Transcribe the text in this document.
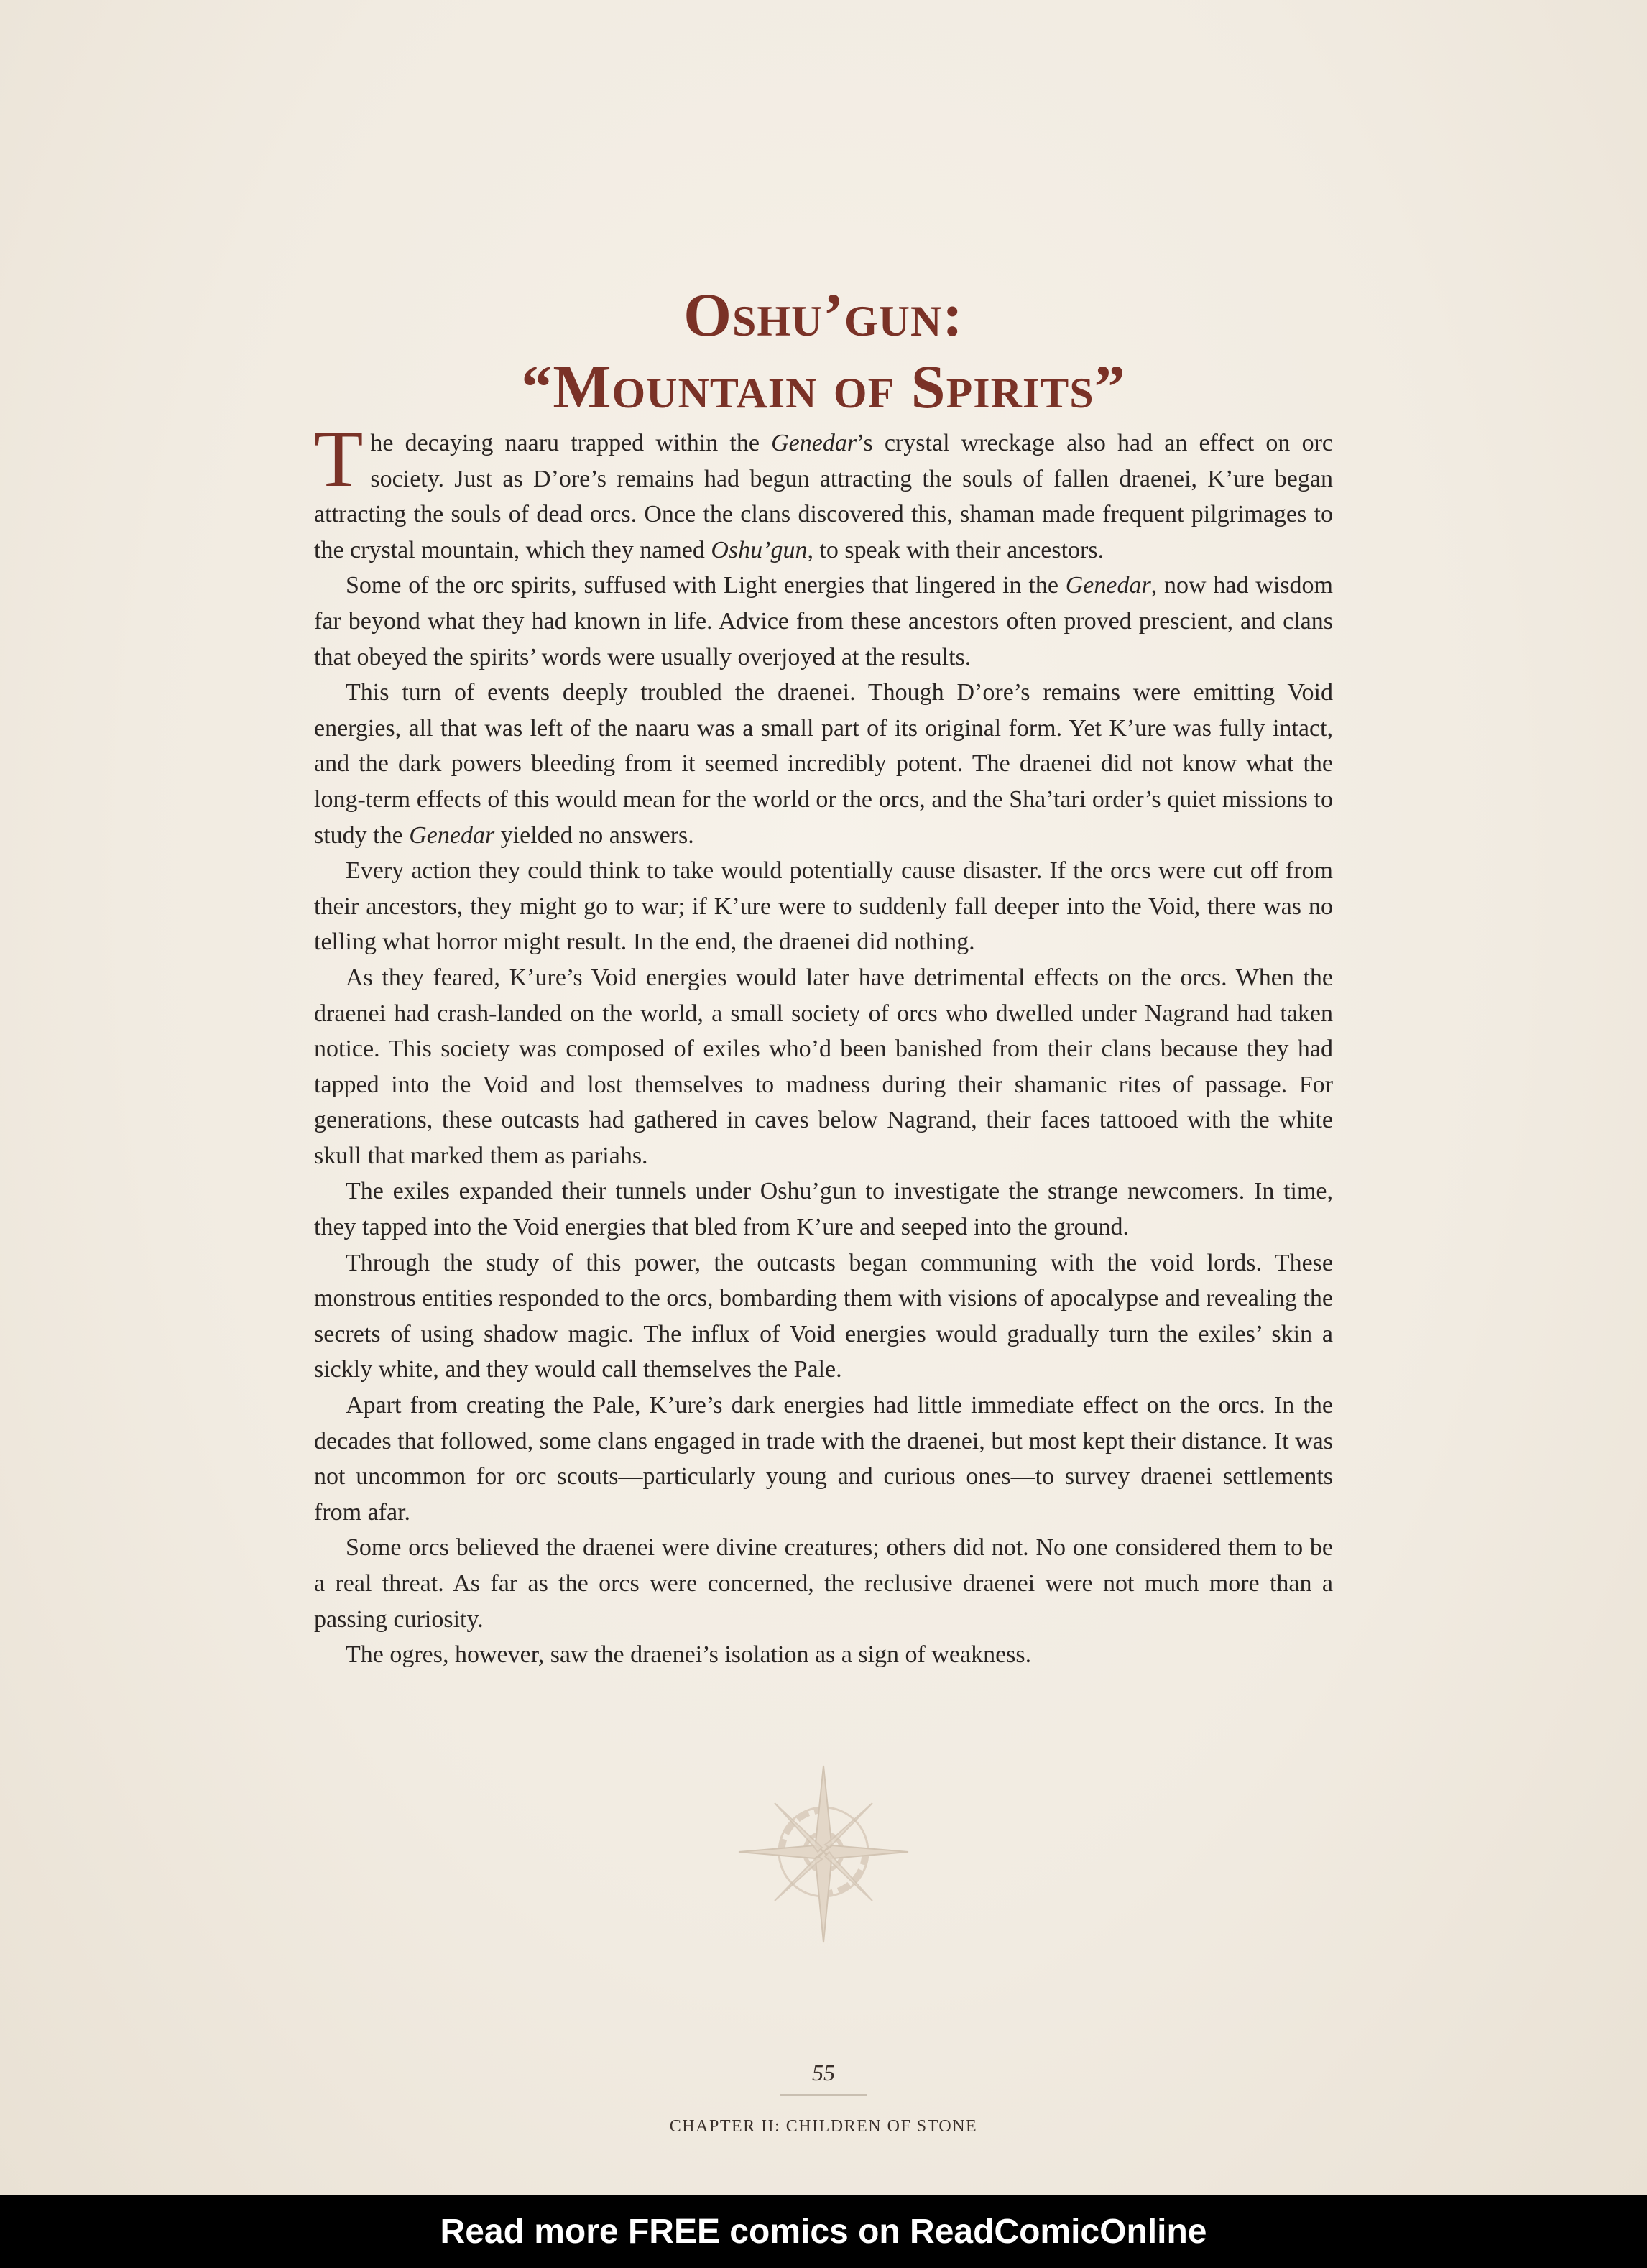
Oshu’gun:
“Mountain of Spirits”

The decaying naaru trapped within the Genedar’s crystal wreckage also had an effect on orc society. Just as D’ore’s remains had begun attracting the souls of fallen draenei, K’ure began attracting the souls of dead orcs. Once the clans discovered this, shaman made frequent pilgrimages to the crystal mountain, which they named Oshu’gun, to speak with their ancestors.

Some of the orc spirits, suffused with Light energies that lingered in the Genedar, now had wisdom far beyond what they had known in life. Advice from these ancestors often proved prescient, and clans that obeyed the spirits’ words were usually overjoyed at the results.

This turn of events deeply troubled the draenei. Though D’ore’s remains were emitting Void energies, all that was left of the naaru was a small part of its original form. Yet K’ure was fully intact, and the dark powers bleeding from it seemed incredibly potent. The draenei did not know what the long-term effects of this would mean for the world or the orcs, and the Sha’tari order’s quiet missions to study the Genedar yielded no answers.

Every action they could think to take would potentially cause disaster. If the orcs were cut off from their ancestors, they might go to war; if K’ure were to suddenly fall deeper into the Void, there was no telling what horror might result. In the end, the draenei did nothing.

As they feared, K’ure’s Void energies would later have detrimental effects on the orcs. When the draenei had crash-landed on the world, a small society of orcs who dwelled under Nagrand had taken notice. This society was composed of exiles who’d been banished from their clans because they had tapped into the Void and lost themselves to madness during their shamanic rites of passage. For generations, these outcasts had gathered in caves below Nagrand, their faces tattooed with the white skull that marked them as pariahs.

The exiles expanded their tunnels under Oshu’gun to investigate the strange newcomers. In time, they tapped into the Void energies that bled from K’ure and seeped into the ground.

Through the study of this power, the outcasts began communing with the void lords. These monstrous entities responded to the orcs, bombarding them with visions of apocalypse and revealing the secrets of using shadow magic. The influx of Void energies would gradually turn the exiles’ skin a sickly white, and they would call themselves the Pale.

Apart from creating the Pale, K’ure’s dark energies had little immediate effect on the orcs. In the decades that followed, some clans engaged in trade with the draenei, but most kept their distance. It was not uncommon for orc scouts—particularly young and curious ones—to survey draenei settlements from afar.

Some orcs believed the draenei were divine creatures; others did not. No one considered them to be a real threat. As far as the orcs were concerned, the reclusive draenei were not much more than a passing curiosity.

The ogres, however, saw the draenei’s isolation as a sign of weakness.

55
CHAPTER II: CHILDREN OF STONE
Read more FREE comics on ReadComicOnline
